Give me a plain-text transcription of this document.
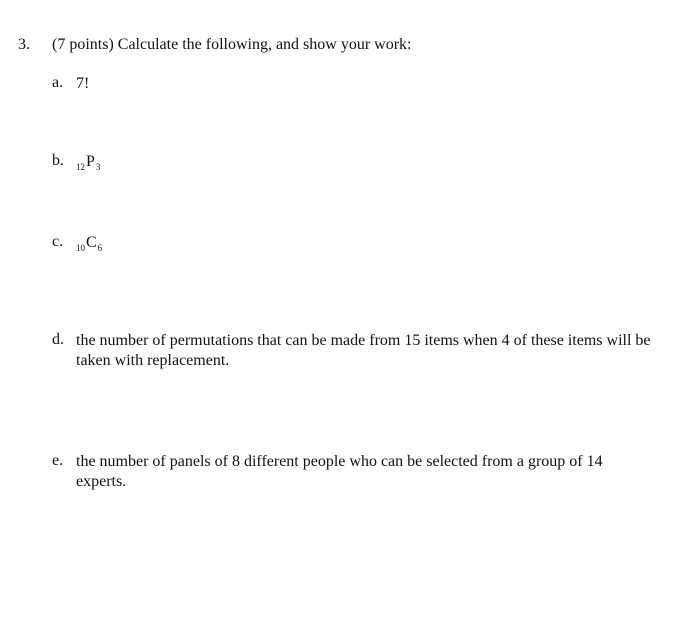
3. (7 points) Calculate the following, and show your work:
a. 7!
b. $_{12}P_3$
c. $_{10}C_6$
d. the number of permutations that can be made from 15 items when 4 of these items will be taken with replacement.
e. the number of panels of 8 different people who can be selected from a group of 14 experts.
